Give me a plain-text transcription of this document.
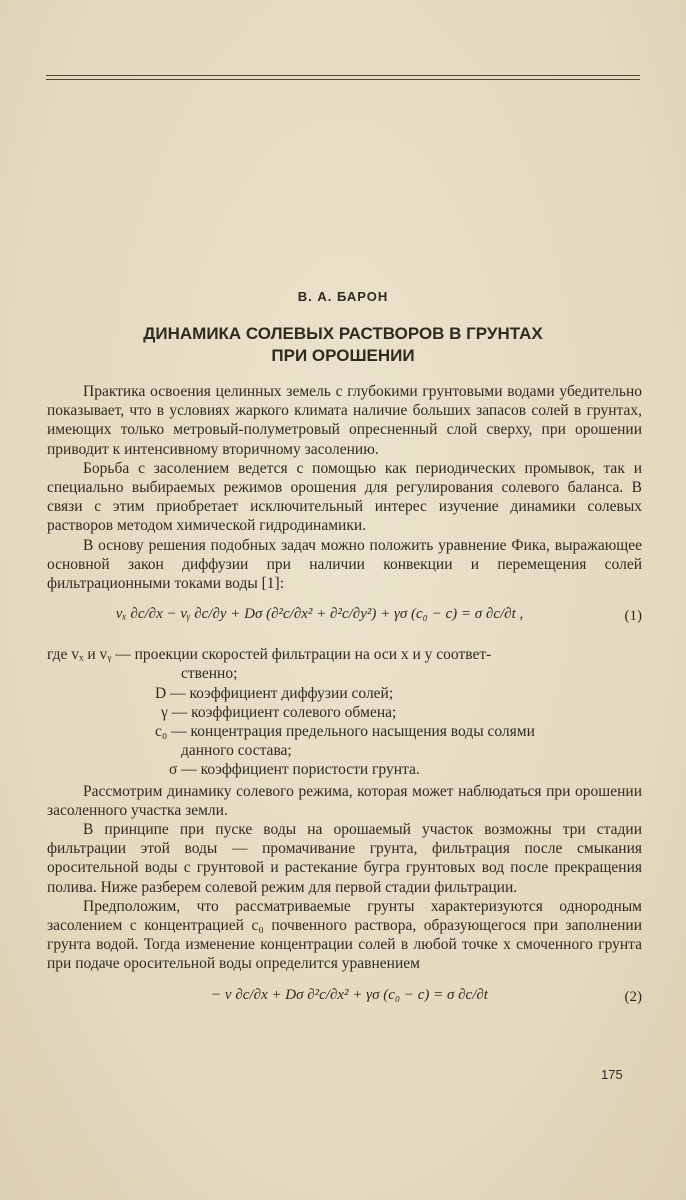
В. А. БАРОН
ДИНАМИКА СОЛЕВЫХ РАСТВОРОВ В ГРУНТАХ
ПРИ ОРОШЕНИИ

Практика освоения целинных земель с глубокими грунтовыми водами убедительно показывает, что в условиях жаркого климата наличие больших запасов солей в грунтах, имеющих только метровый-полуметровый опресненный слой сверху, при орошении приводит к интенсивному вторичному засолению.

Борьба с засолением ведется с помощью как периодических промывок, так и специально выбираемых режимов орошения для регулирования солевого баланса. В связи с этим приобретает исключительный интерес изучение динамики солевых растворов методом химической гидродинамики.

В основу решения подобных задач можно положить уравнение Фика, выражающее основной закон диффузии при наличии конвекции и перемещения солей фильтрационными токами воды [1]:

vₓ ∂c/∂x − vᵧ ∂c/∂y + Dσ (∂²c/∂x² + ∂²c/∂y²) + γσ (c₀ − c) = σ ∂c/∂t ,	(1)

где vₓ и vᵧ — проекции скоростей фильтрации на оси x и y соответ-

ственно;

D — коэффициент диффузии солей;

γ — коэффициент солевого обмена;

c₀ — концентрация предельного насыщения воды солями

данного состава;

σ — коэффициент пористости грунта.

Рассмотрим динамику солевого режима, которая может наблюдаться при орошении засоленного участка земли.

В принципе при пуске воды на орошаемый участок возможны три стадии фильтрации этой воды — промачивание грунта, фильтрация после смыкания оросительной воды с грунтовой и растекание бугра грунтовых вод после прекращения полива. Ниже разберем солевой режим для первой стадии фильтрации.

Предположим, что рассматриваемые грунты характеризуются однородным засолением с концентрацией c₀ почвенного раствора, образующегося при заполнении грунта водой. Тогда изменение концентрации солей в любой точке x смоченного грунта при подаче оросительной воды определится уравнением

− v ∂c/∂x + Dσ ∂²c/∂x² + γσ (c₀ − c) = σ ∂c/∂t	(2)
175
